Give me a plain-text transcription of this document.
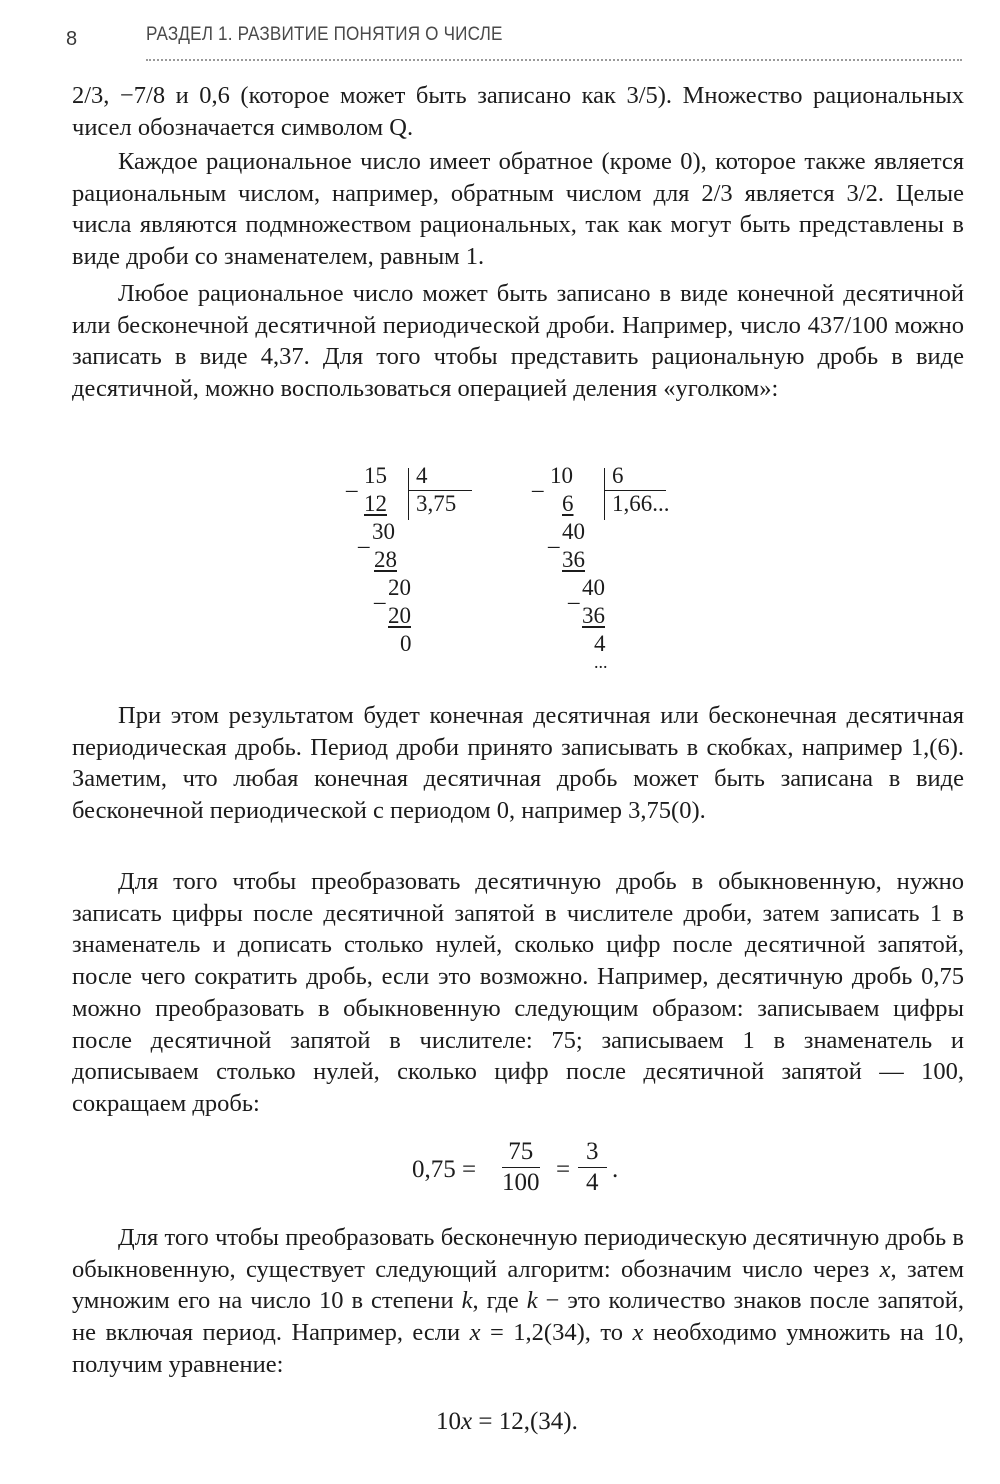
8	РАЗДЕЛ 1. РАЗВИТИЕ ПОНЯТИЯ О ЧИСЛЕ

2/3, −7/8 и 0,6 (которое может быть записано как 3/5). Множество рациональных чисел обозначается символом Q.

Каждое рациональное число имеет обратное (кроме 0), которое также является рациональным числом, например, обратным числом для 2/3 является 3/2. Целые числа являются подмножеством рациональных, так как могут быть представлены в виде дроби со знаменателем, равным 1.

Любое рациональное число может быть записано в виде конечной десятичной или бесконечной десятичной периодической дроби. Например, число 437/100 можно записать в виде 4,37. Для того чтобы представить рациональную дробь в виде десятичной, можно воспользоваться операцией деления «уголком»:

_ 15 4
12 3,75
_ 30
28
_ 20
20
0
_ 10 6
6	1,66...
_ 40
36
_ 40
36
4
...

При этом результатом будет конечная десятичная или бесконечная десятичная периодическая дробь. Период дроби принято записывать в скобках, например 1,(6). Заметим, что любая конечная десятичная дробь может быть записана в виде бесконечной периодической с периодом 0, например 3,75(0).

Для того чтобы преобразовать десятичную дробь в обыкновенную, нужно записать цифры после десятичной запятой в числителе дроби, затем записать 1 в знаменатель и дописать столько нулей, сколько цифр после десятичной запятой, после чего сократить дробь, если это возможно. Например, десятичную дробь 0,75 можно преобразовать в обыкновенную следующим образом: записываем цифры после десятичной запятой в числителе: 75; записываем 1 в знаменатель и дописываем столько нулей, сколько цифр после десятичной запятой — 100, сокращаем дробь:

$0,75 = \frac{75}{100} = \frac{3}{4}$ .

Для того чтобы преобразовать бесконечную периодическую десятичную дробь в обыкновенную, существует следующий алгоритм: обозначим число через x, затем умножим его на число 10 в степени k, где k − это количество знаков после запятой, не включая период. Например, если x = 1,2(34), то x необходимо умножить на 10, получим уравнение:

10x = 12,(34).
